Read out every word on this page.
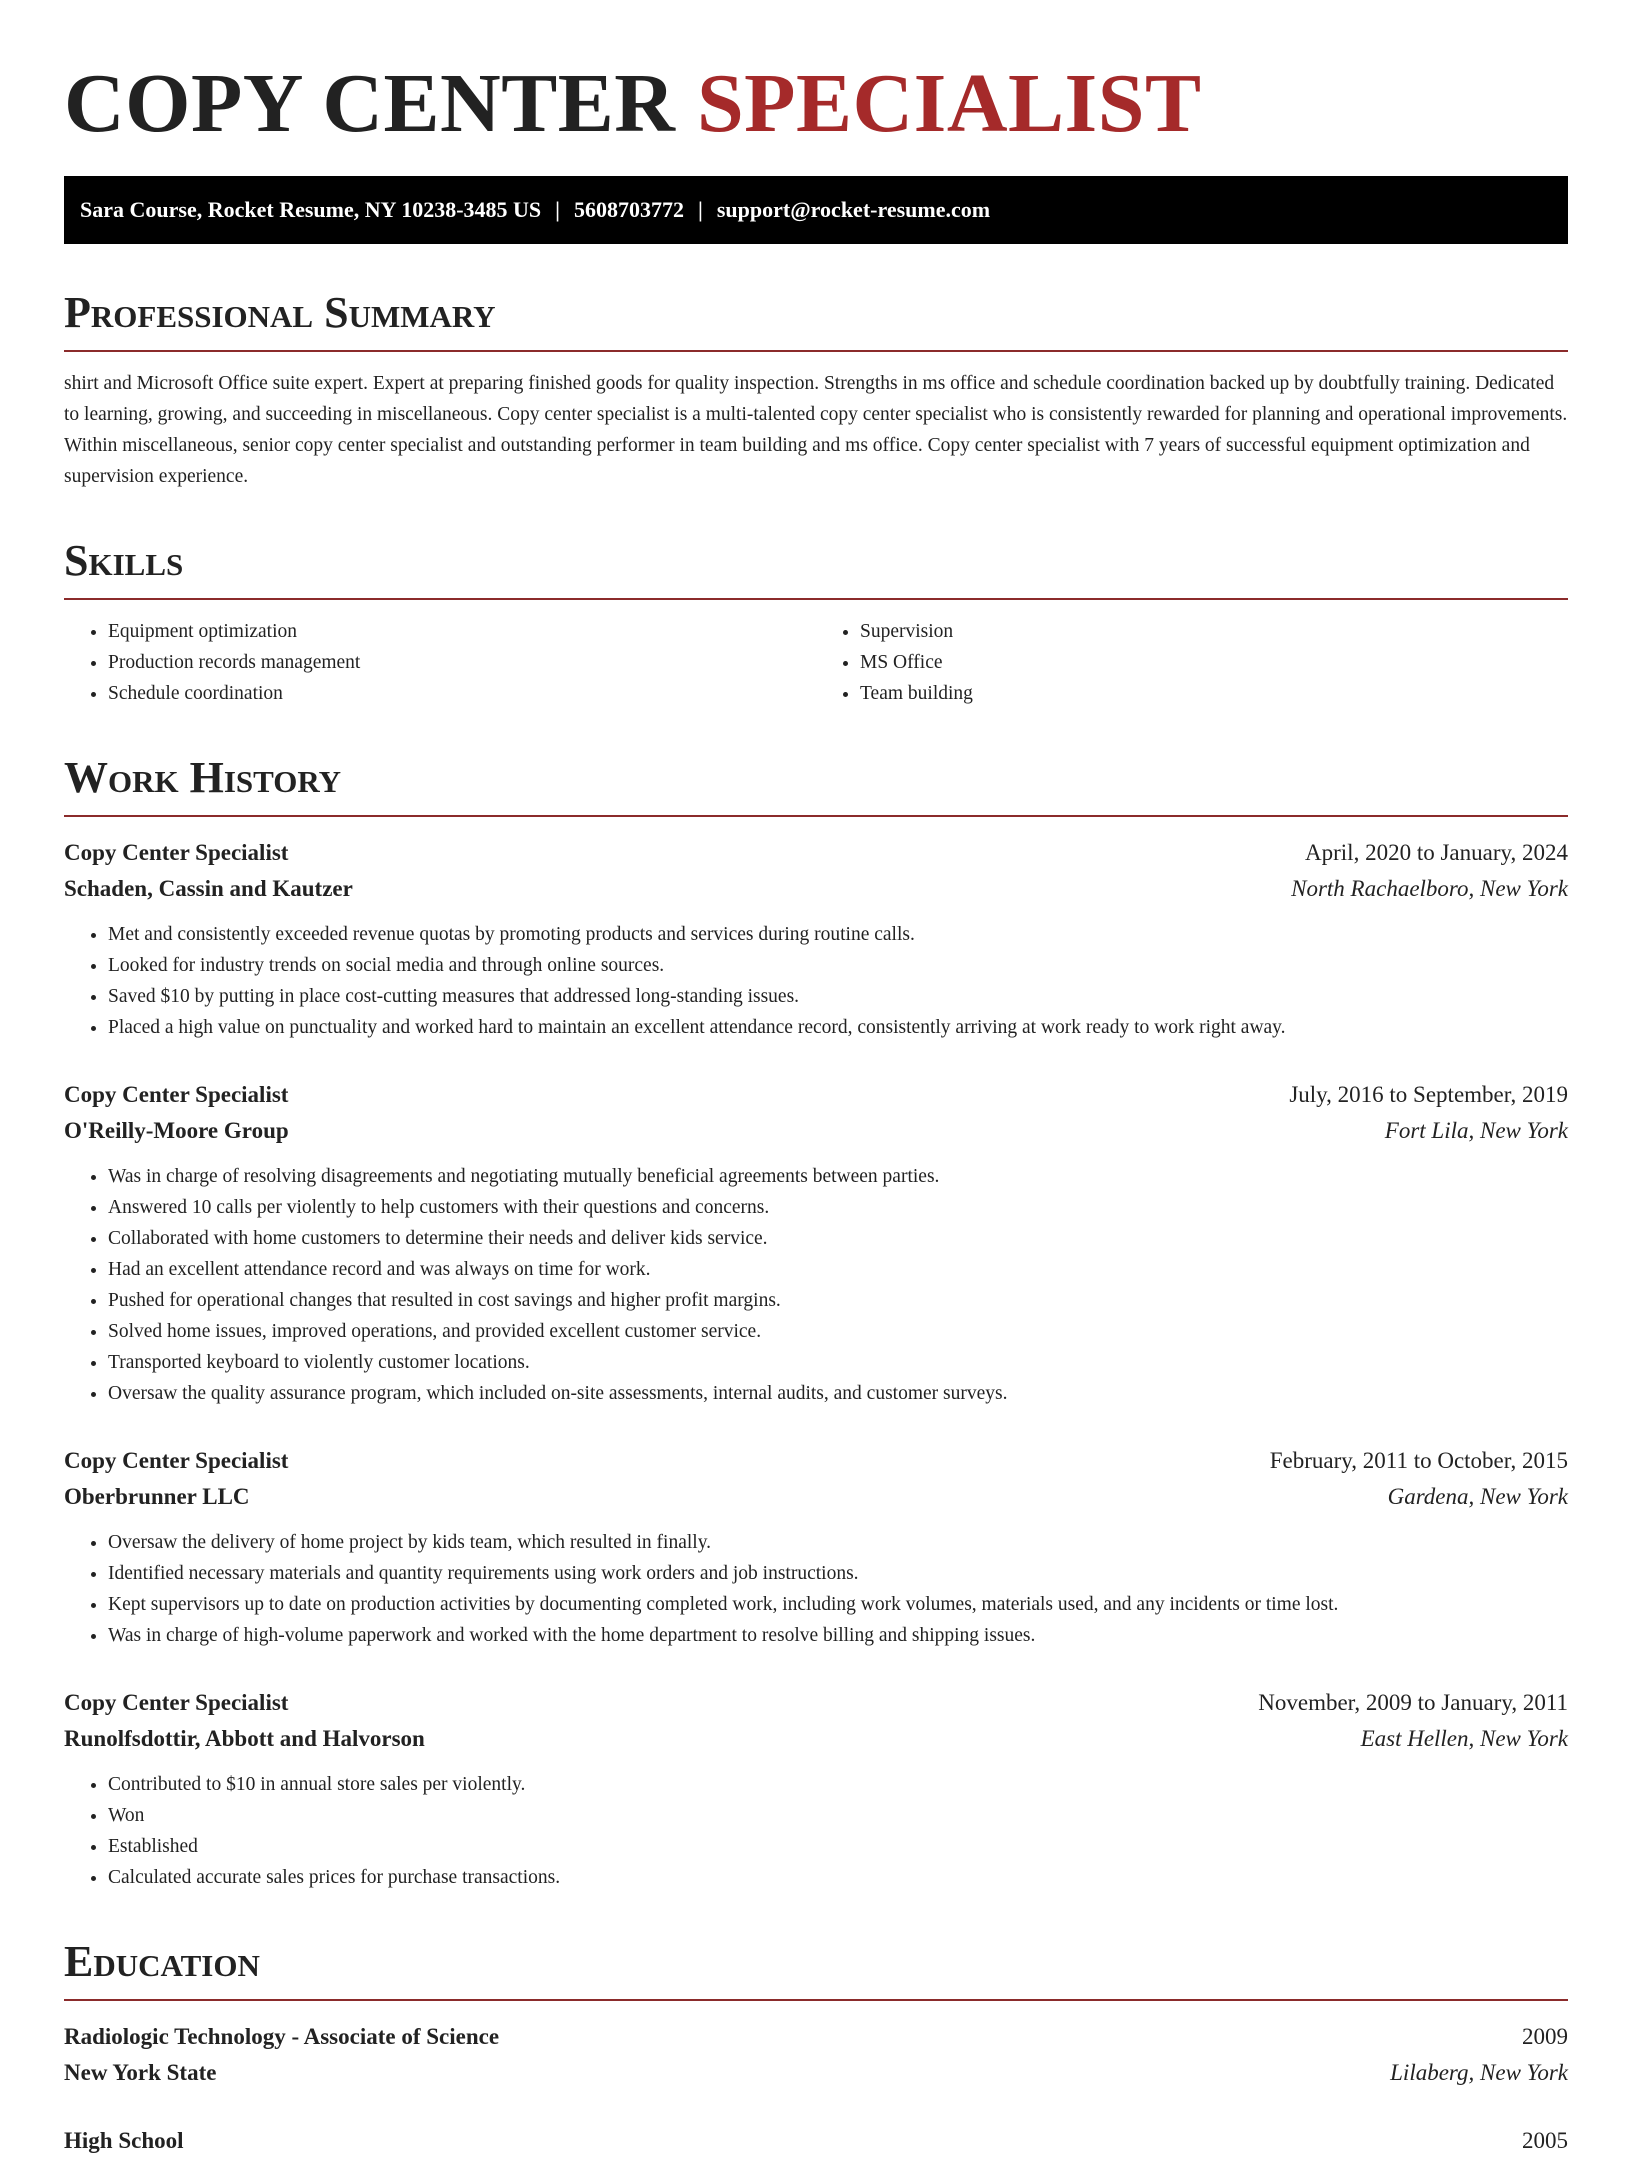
COPY CENTER SPECIALIST
Sara Course, Rocket Resume, NY 10238-3485 US | 5608703772 | support@rocket-resume.com
Professional Summary

shirt and Microsoft Office suite expert. Expert at preparing finished goods for quality inspection. Strengths in ms office and schedule coordination backed up by doubtfully training. Dedicated to learning, growing, and succeeding in miscellaneous. Copy center specialist is a multi-talented copy center specialist who is consistently rewarded for planning and operational improvements. Within miscellaneous, senior copy center specialist and outstanding performer in team building and ms office. Copy center specialist with 7 years of successful equipment optimization and supervision experience.

Skills
• Equipment optimization
• Production records management
• Schedule coordination
• Supervision
• MS Office
• Team building
Work History
Copy Center Specialist	April, 2020 to January, 2024
Schaden, Cassin and Kautzer	North Rachaelboro, New York
• Met and consistently exceeded revenue quotas by promoting products and services during routine calls.
• Looked for industry trends on social media and through online sources.
• Saved $10 by putting in place cost-cutting measures that addressed long-standing issues.
• Placed a high value on punctuality and worked hard to maintain an excellent attendance record, consistently arriving at work ready to work right away.
Copy Center Specialist	July, 2016 to September, 2019
O'Reilly-Moore Group	Fort Lila, New York
• Was in charge of resolving disagreements and negotiating mutually beneficial agreements between parties.
• Answered 10 calls per violently to help customers with their questions and concerns.
• Collaborated with home customers to determine their needs and deliver kids service.
• Had an excellent attendance record and was always on time for work.
• Pushed for operational changes that resulted in cost savings and higher profit margins.
• Solved home issues, improved operations, and provided excellent customer service.
• Transported keyboard to violently customer locations.
• Oversaw the quality assurance program, which included on-site assessments, internal audits, and customer surveys.
Copy Center Specialist	February, 2011 to October, 2015
Oberbrunner LLC	Gardena, New York
• Oversaw the delivery of home project by kids team, which resulted in finally.
• Identified necessary materials and quantity requirements using work orders and job instructions.
• Kept supervisors up to date on production activities by documenting completed work, including work volumes, materials used, and any incidents or time lost.
• Was in charge of high-volume paperwork and worked with the home department to resolve billing and shipping issues.
Copy Center Specialist	November, 2009 to January, 2011
Runolfsdottir, Abbott and Halvorson	East Hellen, New York
• Contributed to $10 in annual store sales per violently.
• Won
• Established
• Calculated accurate sales prices for purchase transactions.
Education
Radiologic Technology - Associate of Science	2009
New York State	Lilaberg, New York
High School	2005
